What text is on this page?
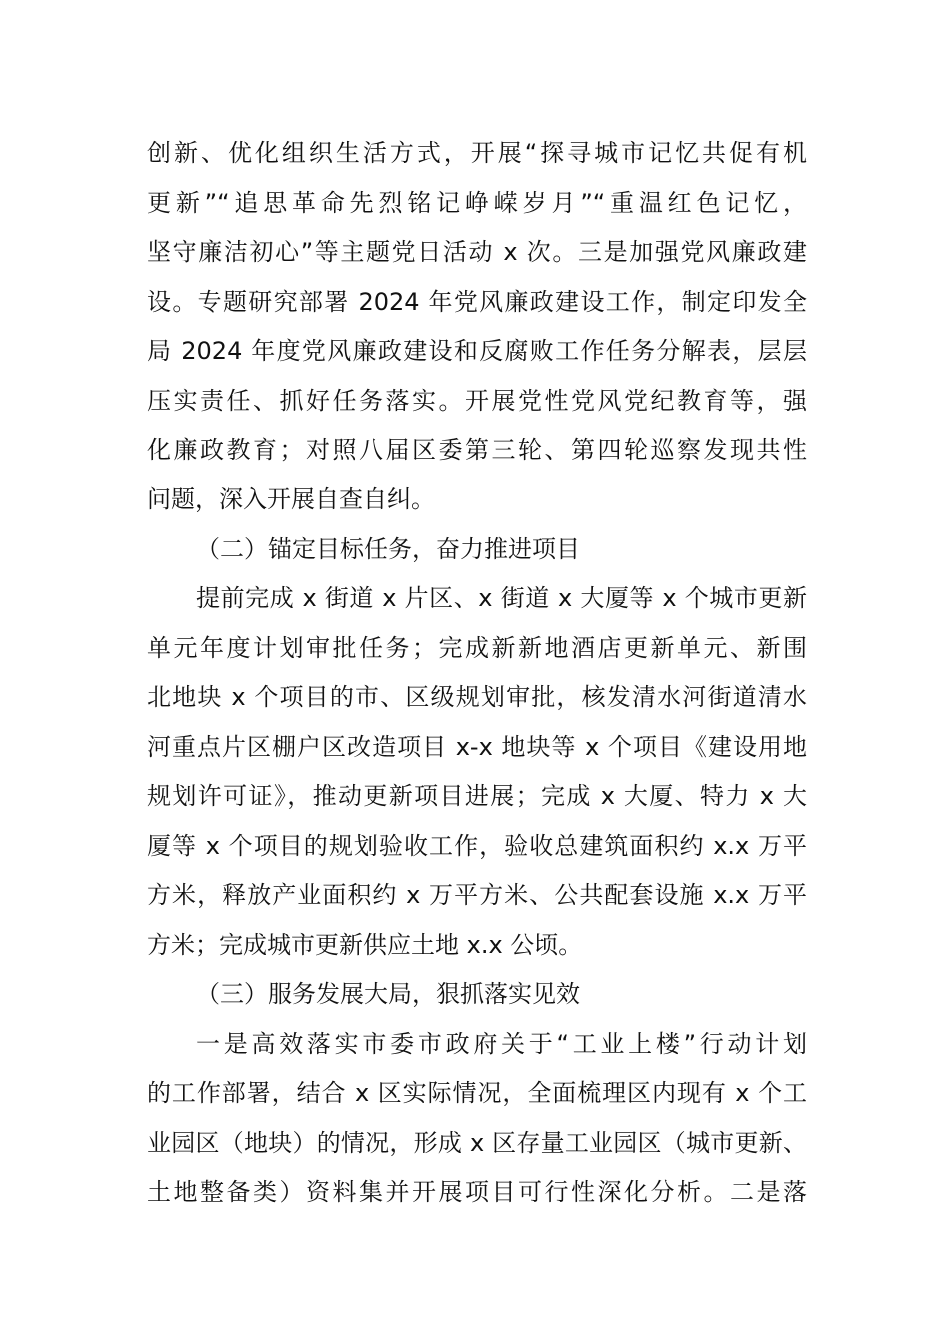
创新、优化组织生活方式，开展“探寻城市记忆共促有机
更新”“追思革命先烈铭记峥嵘岁月”“重温红色记忆，
坚守廉洁初心”等主题党日活动 x 次。三是加强党风廉政建
设。专题研究部署 2024 年党风廉政建设工作，制定印发全
局 2024 年度党风廉政建设和反腐败工作任务分解表，层层
压实责任、抓好任务落实。开展党性党风党纪教育等，强
化廉政教育；对照八届区委第三轮、第四轮巡察发现共性
问题，深入开展自查自纠。
（二）锚定目标任务，奋力推进项目
提前完成 x 街道 x 片区、x 街道 x 大厦等 x 个城市更新
单元年度计划审批任务；完成新新地酒店更新单元、新围
北地块 x 个项目的市、区级规划审批，核发清水河街道清水
河重点片区棚户区改造项目 x-x 地块等 x 个项目《建设用地
规划许可证》，推动更新项目进展；完成 x 大厦、特力 x 大
厦等 x 个项目的规划验收工作，验收总建筑面积约 x.x 万平
方米，释放产业面积约 x 万平方米、公共配套设施 x.x 万平
方米；完成城市更新供应土地 x.x 公顷。
（三）服务发展大局，狠抓落实见效
一是高效落实市委市政府关于“工业上楼”行动计划
的工作部署，结合 x 区实际情况，全面梳理区内现有 x 个工
业园区（地块）的情况，形成 x 区存量工业园区（城市更新、
土地整备类）资料集并开展项目可行性深化分析。二是落
